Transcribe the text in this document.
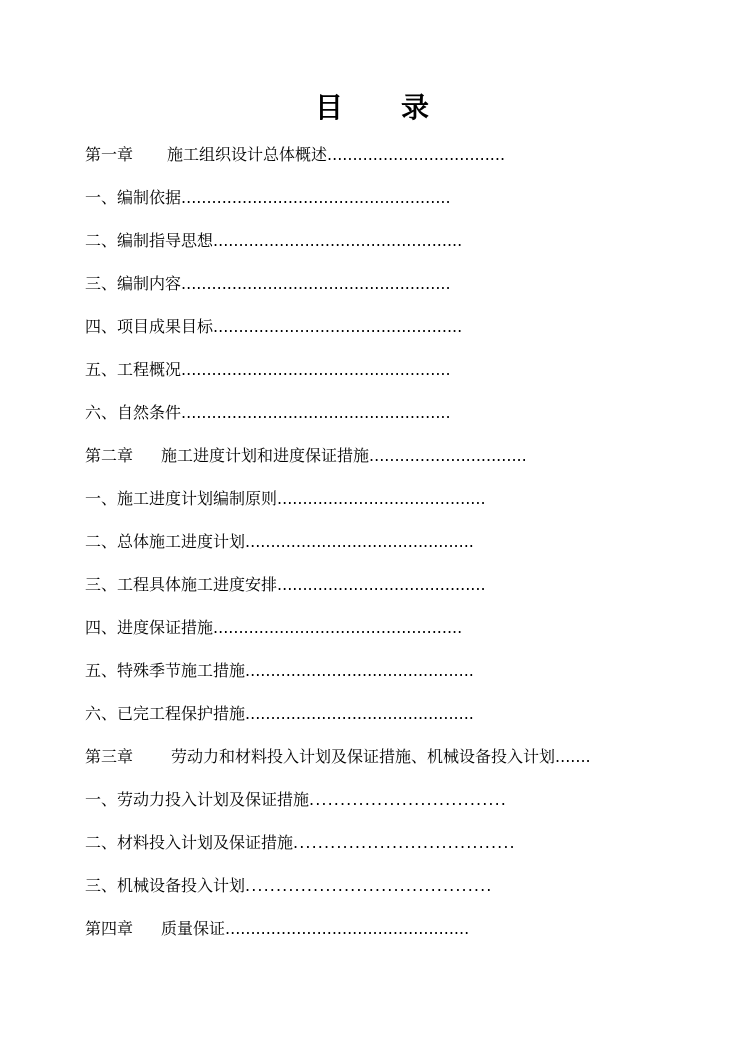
目录
第一章 施工组织设计总体概述...................................
一、编制依据.....................................................
二、编制指导思想.................................................
三、编制内容.....................................................
四、项目成果目标.................................................
五、工程概况.....................................................
六、自然条件.....................................................
第二章 施工进度计划和进度保证措施...............................
一、施工进度计划编制原则.........................................
二、总体施工进度计划.............................................
三、工程具体施工进度安排.........................................
四、进度保证措施.................................................
五、特殊季节施工措施.............................................
六、已完工程保护措施.............................................
第三章 劳动力和材料投入计划及保证措施、机械设备投入计划.......
一、劳动力投入计划及保证措施................................
二、材料投入计划及保证措施....................................
三、机械设备投入计划........................................
第四章 质量保证................................................
